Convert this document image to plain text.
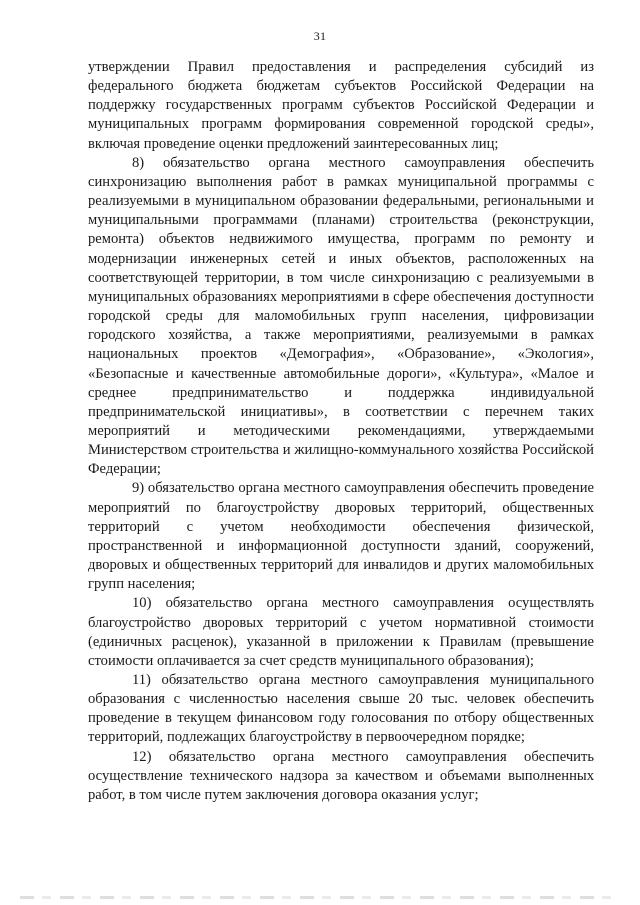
31

утверждении Правил предоставления и распределения субсидий из федерального бюджета бюджетам субъектов Российской Федерации на поддержку государственных программ субъектов Российской Федерации и муниципальных программ формирования современной городской среды», включая проведение оценки предложений заинтересованных лиц;

8) обязательство органа местного самоуправления обеспечить синхронизацию выполнения работ в рамках муниципальной программы с реализуемыми в муниципальном образовании федеральными, региональными и муниципальными программами (планами) строительства (реконструкции, ремонта) объектов недвижимого имущества, программ по ремонту и модернизации инженерных сетей и иных объектов, расположенных на соответствующей территории, в том числе синхронизацию с реализуемыми в муниципальных образованиях мероприятиями в сфере обеспечения доступности городской среды для маломобильных групп населения, цифровизации городского хозяйства, а также мероприятиями, реализуемыми в рамках национальных проектов «Демография», «Образование», «Экология», «Безопасные и качественные автомобильные дороги», «Культура», «Малое и среднее предпринимательство и поддержка индивидуальной предпринимательской инициативы», в соответствии с перечнем таких мероприятий и методическими рекомендациями, утверждаемыми Министерством строительства и жилищно-коммунального хозяйства Российской Федерации;

9) обязательство органа местного самоуправления обеспечить проведение мероприятий по благоустройству дворовых территорий, общественных территорий с учетом необходимости обеспечения физической, пространственной и информационной доступности зданий, сооружений, дворовых и общественных территорий для инвалидов и других маломобильных групп населения;

10) обязательство органа местного самоуправления осуществлять благоустройство дворовых территорий с учетом нормативной стоимости (единичных расценок), указанной в приложении к Правилам (превышение стоимости оплачивается за счет средств муниципального образования);

11) обязательство органа местного самоуправления муниципального образования с численностью населения свыше 20 тыс. человек обеспечить проведение в текущем финансовом году голосования по отбору общественных территорий, подлежащих благоустройству в первоочередном порядке;

12) обязательство органа местного самоуправления обеспечить осуществление технического надзора за качеством и объемами выполненных работ, в том числе путем заключения договора оказания услуг;
